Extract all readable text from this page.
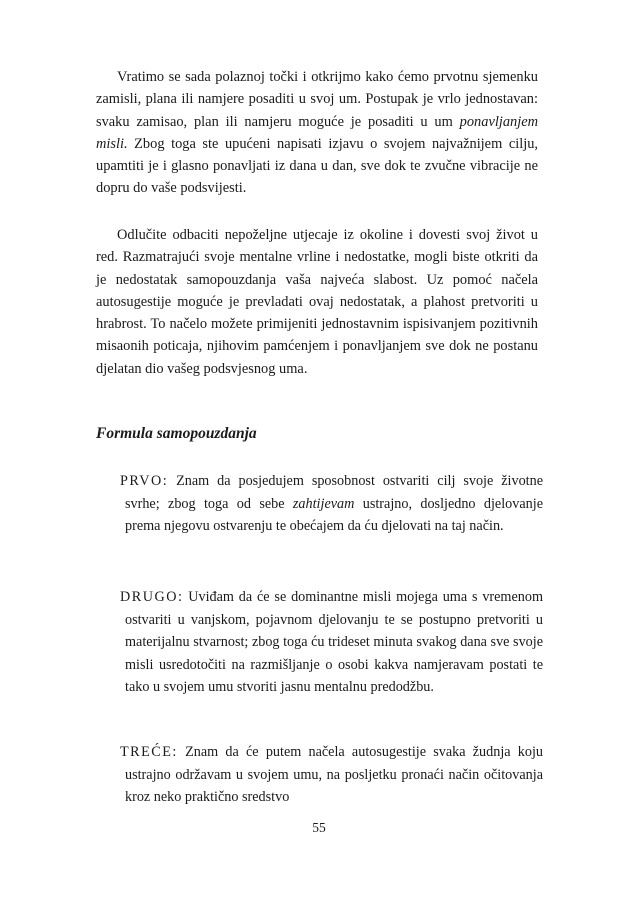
Vratimo se sada polaznoj točki i otkrijmo kako ćemo prvotnu sjemenku zamisli, plana ili namjere posaditi u svoj um. Postupak je vrlo jednostavan: svaku zamisao, plan ili namjeru moguće je posaditi u um ponavljanjem misli. Zbog toga ste upućeni napisati izjavu o svojem najvažnijem cilju, upamtiti je i glasno ponavljati iz dana u dan, sve dok te zvučne vibracije ne dopru do vaše podsvijesti.

Odlučite odbaciti nepoželjne utjecaje iz okoline i dovesti svoj život u red. Razmatrajući svoje mentalne vrline i nedostatke, mogli biste otkriti da je nedostatak samopouzdanja vaša najveća slabost. Uz pomoć načela autosugestije moguće je prevladati ovaj nedostatak, a plahost pretvoriti u hrabrost. To načelo možete primijeniti jednostavnim ispisivanjem pozitivnih misaonih poticaja, njihovim pamćenjem i ponavljanjem sve dok ne postanu djelatan dio vašeg podsvjesnog uma.

Formula samopouzdanja

PRVO: Znam da posjedujem sposobnost ostvariti cilj svoje životne svrhe; zbog toga od sebe zahtijevam ustrajno, dosljedno djelovanje prema njegovu ostvarenju te obećajem da ću djelovati na taj način.

DRUGO: Uviđam da će se dominantne misli mojega uma s vremenom ostvariti u vanjskom, pojavnom djelovanju te se postupno pretvoriti u materijalnu stvarnost; zbog toga ću trideset minuta svakog dana sve svoje misli usredotočiti na razmišljanje o osobi kakva namjeravam postati te tako u svojem umu stvoriti jasnu mentalnu predodžbu.

TREĆE: Znam da će putem načela autosugestije svaka žudnja koju ustrajno održavam u svojem umu, na posljetku pronaći način očitovanja kroz neko praktično sredstvo

55
